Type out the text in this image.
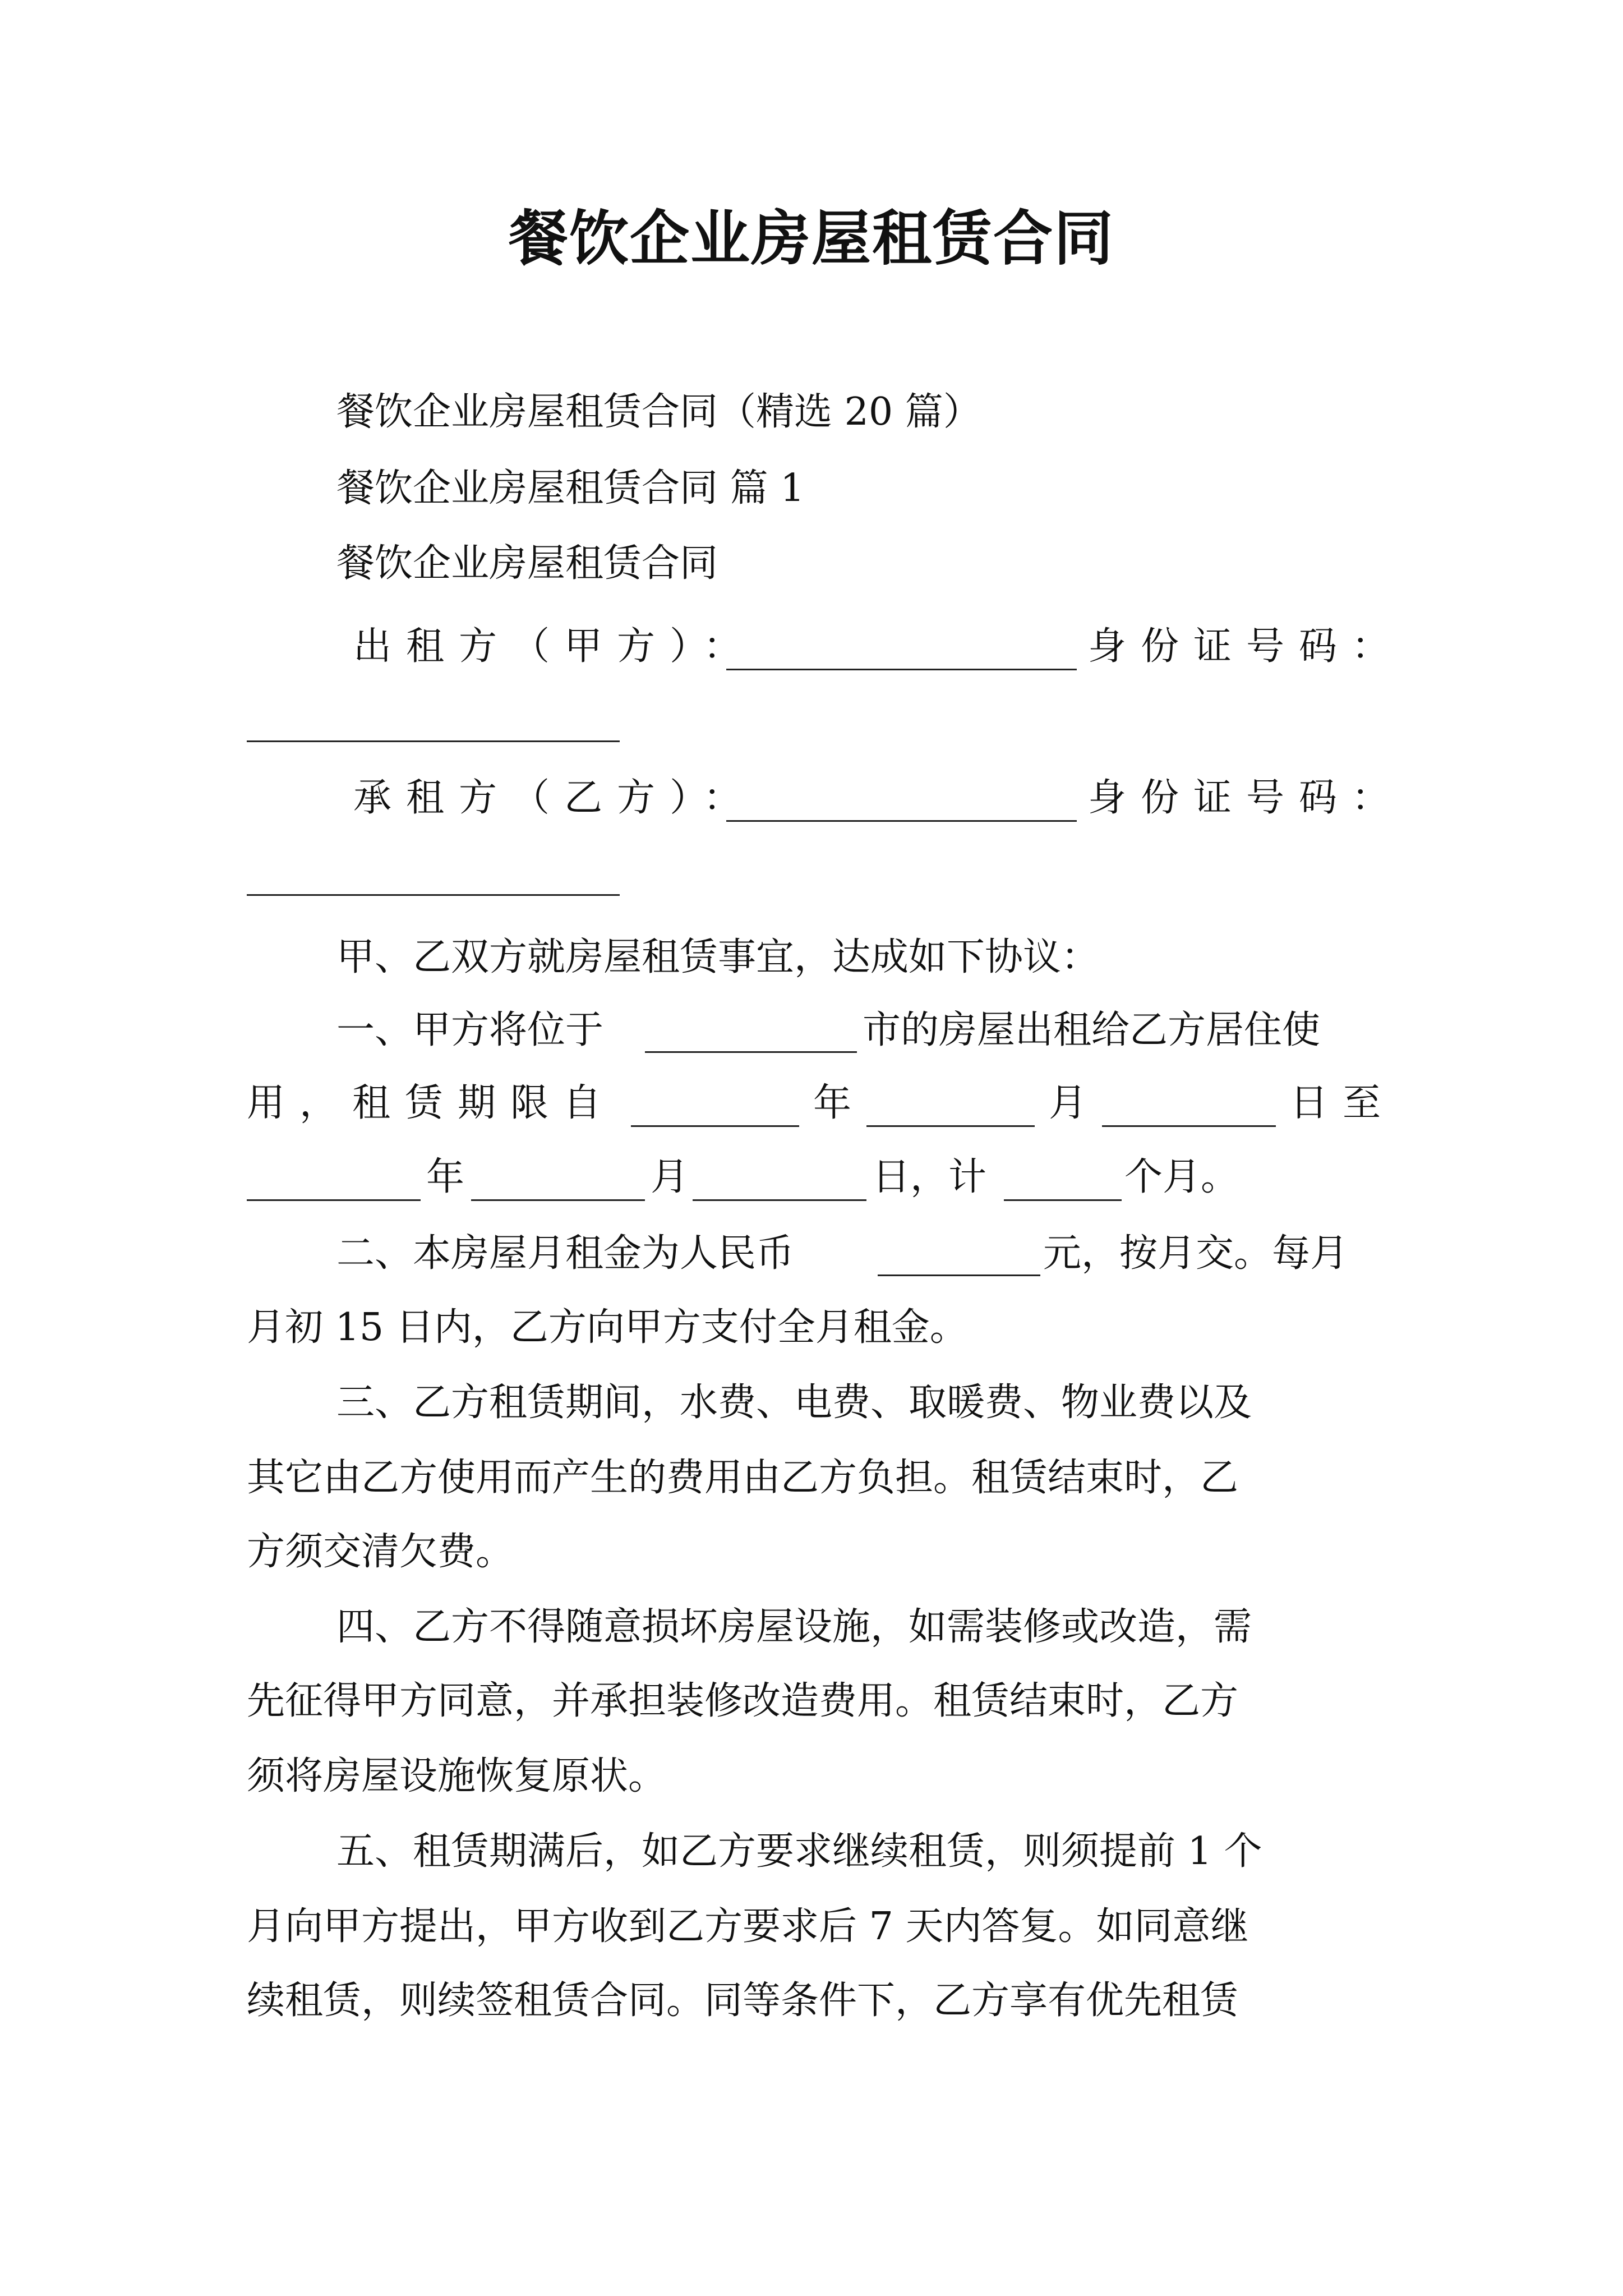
餐饮企业房屋租赁合同
餐饮企业房屋租赁合同（精选 20 篇）
餐饮企业房屋租赁合同 篇 1
餐饮企业房屋租赁合同
出租方（甲方）：	身份证号码：
承租方（乙方）：	身份证号码：
甲、乙双方就房屋租赁事宜，达成如下协议：
一、甲方将位于	市的房屋出租给乙方居住使
用，租赁期限自	年	月	日至
年	月	日，计	个月。
二、本房屋月租金为人民币	元，按月交。每月
月初 15 日内，乙方向甲方支付全月租金。
三、乙方租赁期间，水费、电费、取暖费、物业费以及
其它由乙方使用而产生的费用由乙方负担。租赁结束时，乙
方须交清欠费。
四、乙方不得随意损坏房屋设施，如需装修或改造，需
先征得甲方同意，并承担装修改造费用。租赁结束时，乙方
须将房屋设施恢复原状。
五、租赁期满后，如乙方要求继续租赁，则须提前 1 个
月向甲方提出，甲方收到乙方要求后 7 天内答复。如同意继
续租赁，则续签租赁合同。同等条件下，乙方享有优先租赁
